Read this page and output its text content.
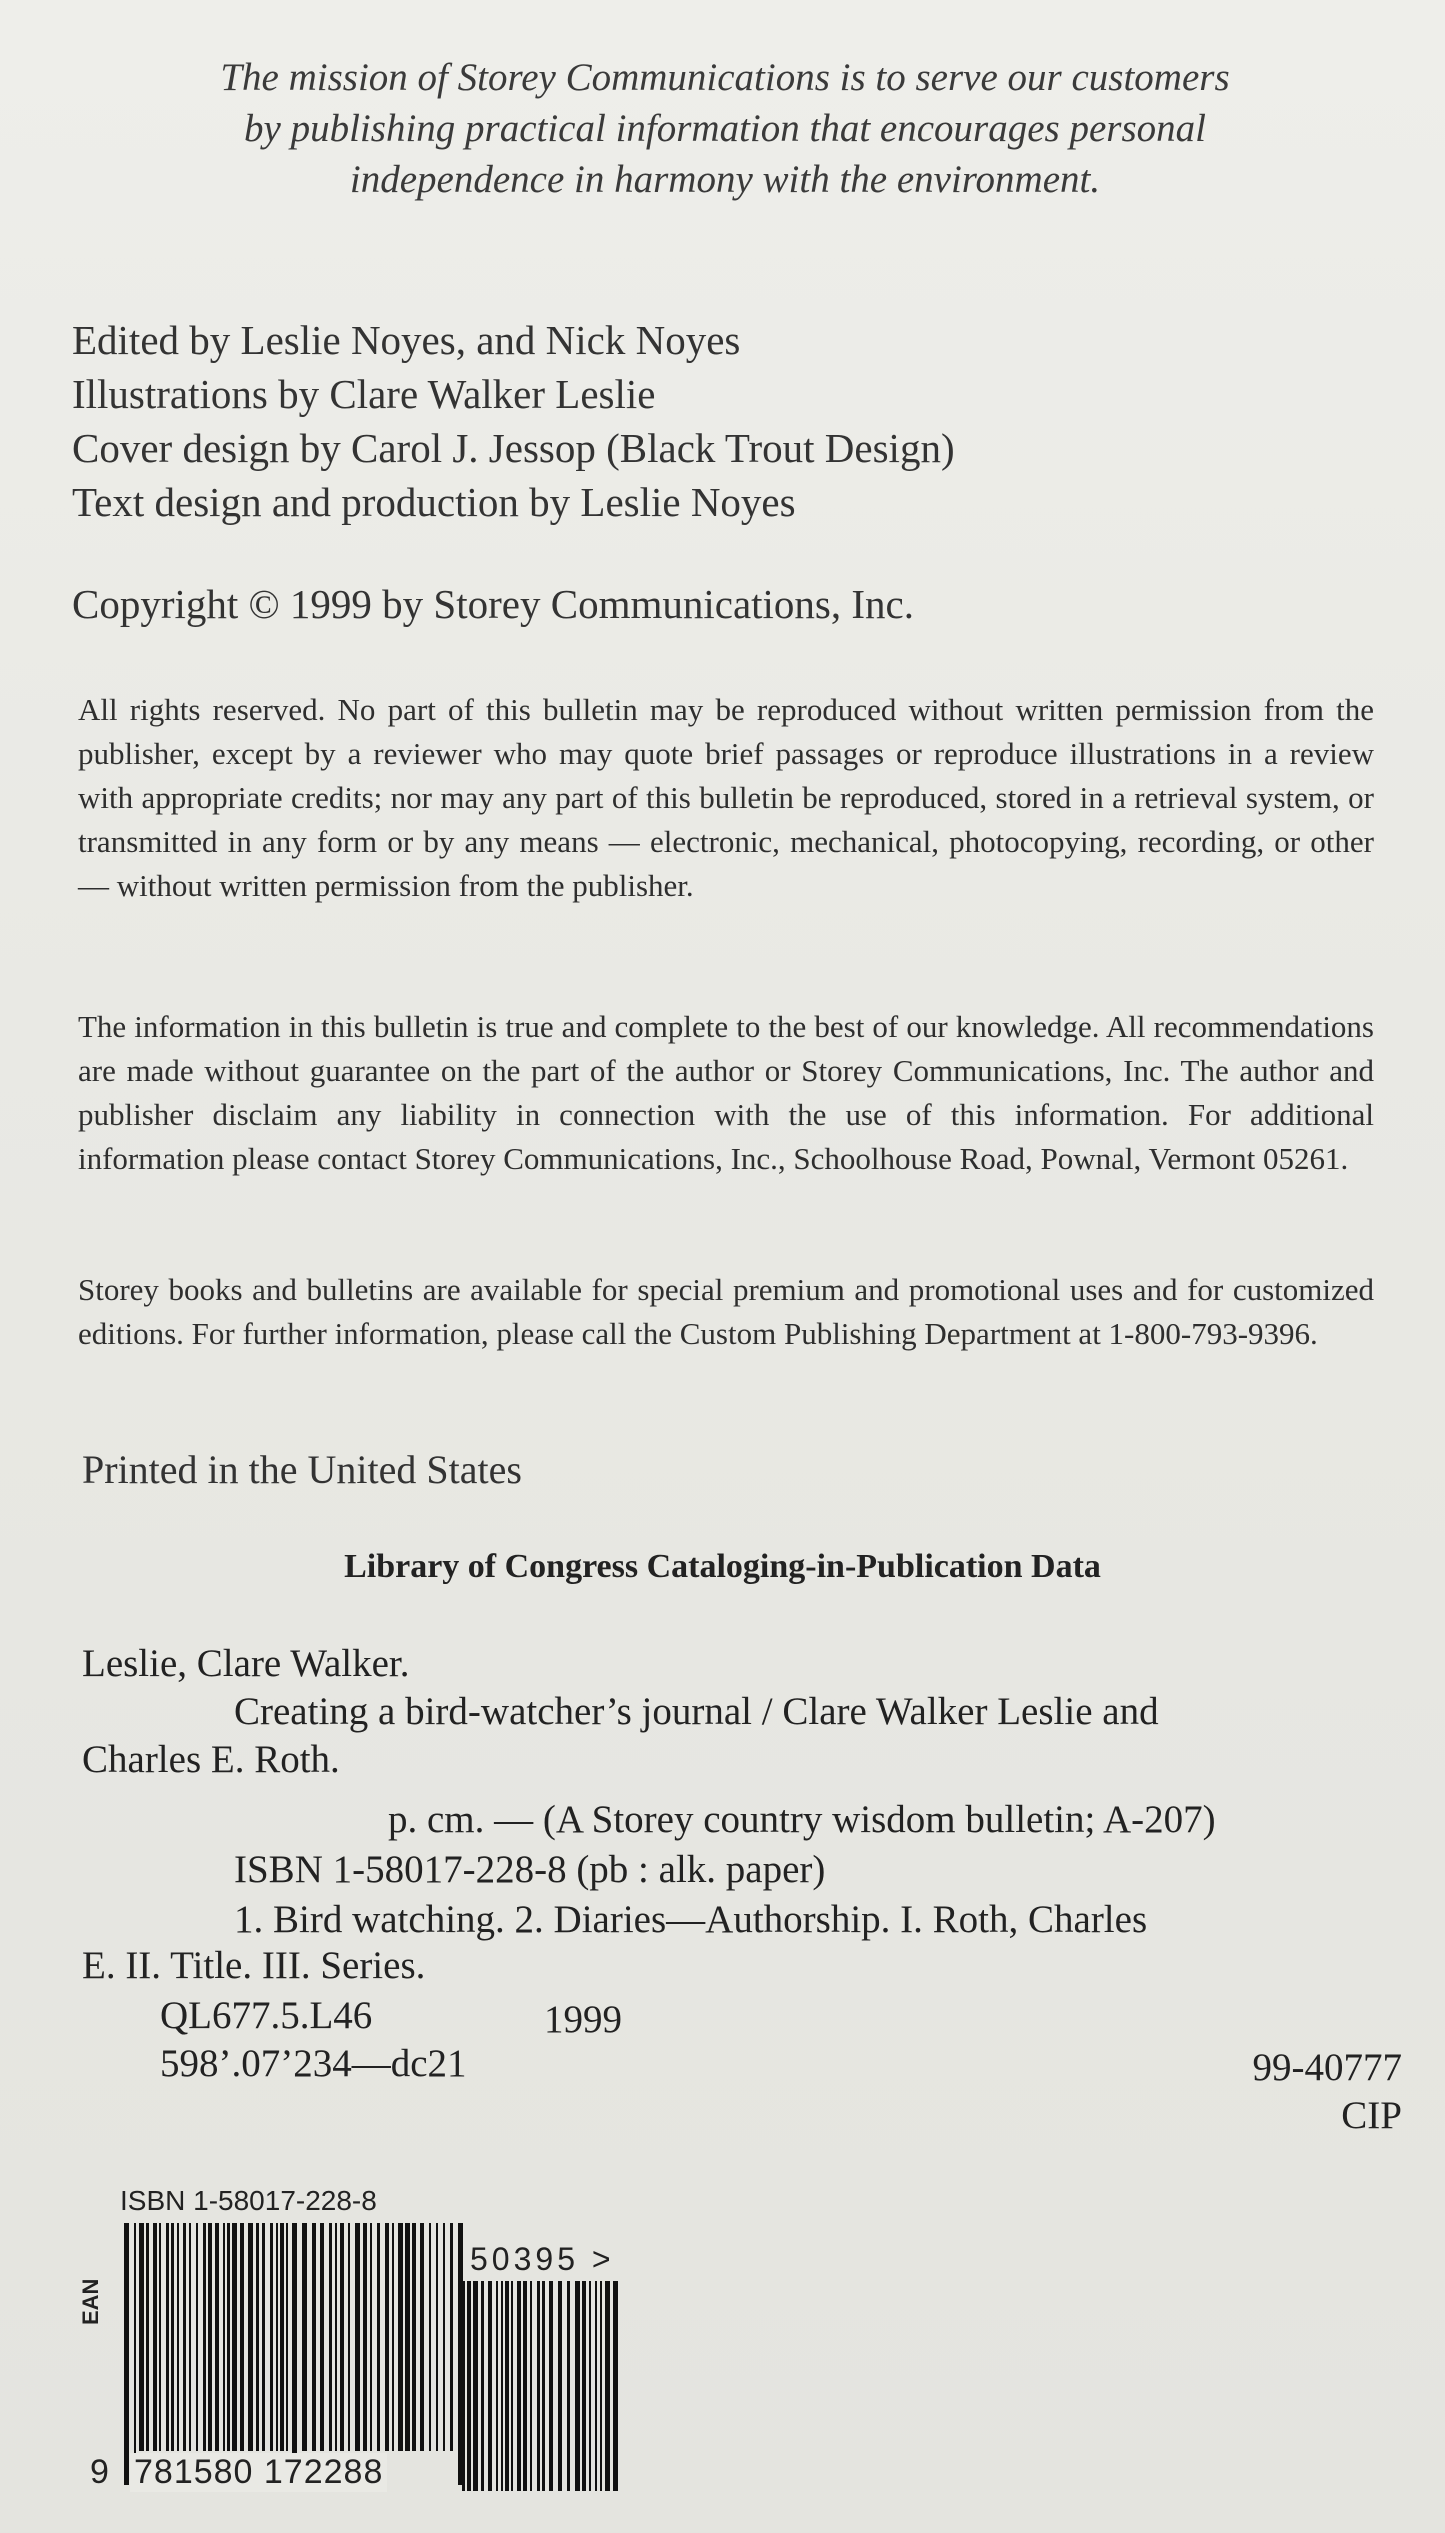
The mission of Storey Communications is to serve our customers
by publishing practical information that encourages personal
independence in harmony with the environment.
Edited by Leslie Noyes, and Nick Noyes
Illustrations by Clare Walker Leslie
Cover design by Carol J. Jessop (Black Trout Design)
Text design and production by Leslie Noyes
Copyright © 1999 by Storey Communications, Inc.
All rights reserved. No part of this bulletin may be reproduced without written permission from the publisher, except by a reviewer who may quote brief passages or reproduce illustrations in a review with appropriate credits; nor may any part of this bulletin be reproduced, stored in a retrieval system, or transmitted in any form or by any means — electronic, mechanical, photocopying, recording, or other — without written permission from the publisher.
The information in this bulletin is true and complete to the best of our knowledge. All recommendations are made without guarantee on the part of the author or Storey Communications, Inc. The author and publisher disclaim any liability in connection with the use of this information. For additional information please contact Storey Communications, Inc., Schoolhouse Road, Pownal, Vermont 05261.
Storey books and bulletins are available for special premium and promotional uses and for customized editions. For further information, please call the Custom Publishing Department at 1-800-793-9396.
Printed in the United States
Library of Congress Cataloging-in-Publication Data
Leslie, Clare Walker.
Creating a bird-watcher’s journal / Clare Walker Leslie and
Charles E. Roth.
p. cm. — (A Storey country wisdom bulletin; A-207)
ISBN 1-58017-228-8 (pb : alk. paper)
1. Bird watching. 2. Diaries—Authorship. I. Roth, Charles
E. II. Title. III. Series.
QL677.5.L46	1999
598’.07’234—dc21	99-40777
CIP
ISBN 1-58017-228-8
EAN
9 781580 172288
50395 >
